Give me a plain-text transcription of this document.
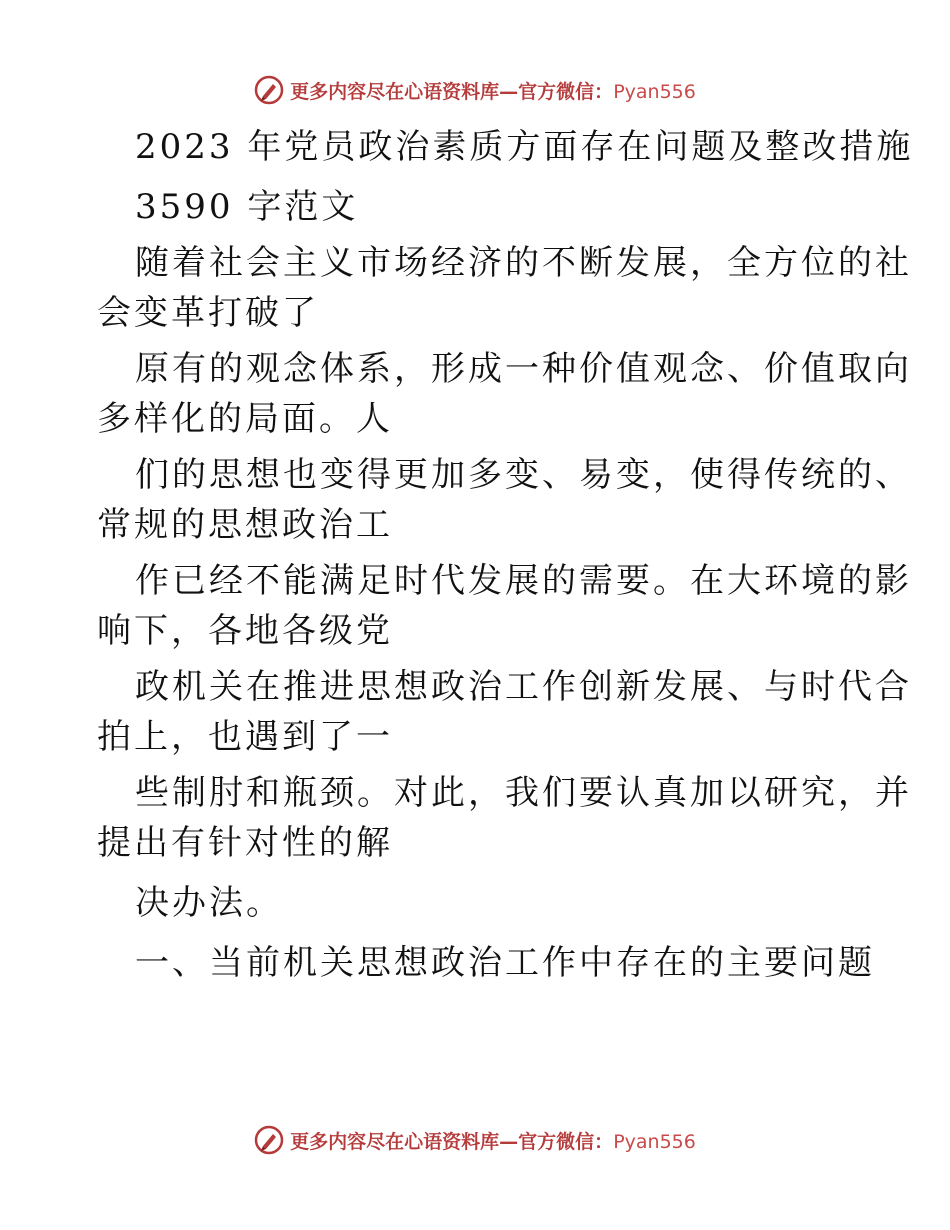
更多内容尽在心语资料库—官方微信：Pyan556
2023 年党员政治素质方面存在问题及整改措施
3590 字范文
随着社会主义市场经济的不断发展，全方位的社
会变革打破了
原有的观念体系，形成一种价值观念、价值取向
多样化的局面。人
们的思想也变得更加多变、易变，使得传统的、
常规的思想政治工
作已经不能满足时代发展的需要。在大环境的影
响下，各地各级党
政机关在推进思想政治工作创新发展、与时代合
拍上，也遇到了一
些制肘和瓶颈。对此，我们要认真加以研究，并
提出有针对性的解
决办法。
一、当前机关思想政治工作中存在的主要问题
更多内容尽在心语资料库—官方微信：Pyan556
